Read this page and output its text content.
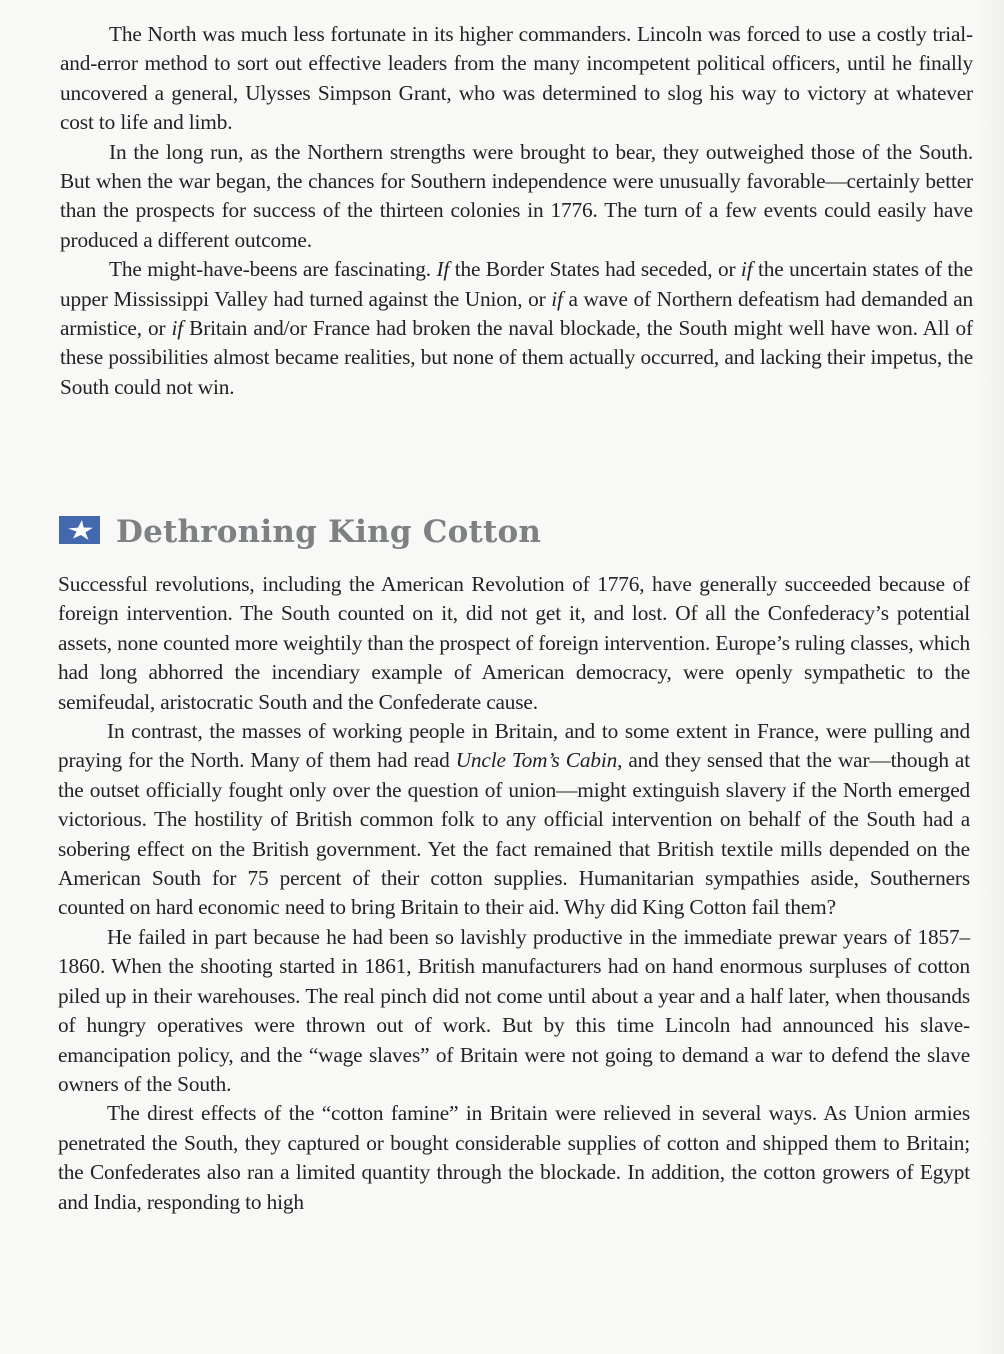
The North was much less fortunate in its higher commanders. Lincoln was forced to use a costly trial-and-error method to sort out effective leaders from the many incompetent political officers, until he finally uncovered a general, Ulysses Simpson Grant, who was determined to slog his way to victory at whatever cost to life and limb.

In the long run, as the Northern strengths were brought to bear, they outweighed those of the South. But when the war began, the chances for Southern independence were unusually favorable—certainly better than the prospects for success of the thirteen colonies in 1776. The turn of a few events could easily have produced a different outcome.

The might-have-beens are fascinating. If the Border States had seceded, or if the uncertain states of the upper Mississippi Valley had turned against the Union, or if a wave of Northern defeatism had demanded an armistice, or if Britain and/or France had broken the naval blockade, the South might well have won. All of these possibilities almost became realities, but none of them actually occurred, and lacking their impetus, the South could not win.

Dethroning King Cotton

Successful revolutions, including the American Revolution of 1776, have generally succeeded because of foreign intervention. The South counted on it, did not get it, and lost. Of all the Confederacy’s potential assets, none counted more weightily than the prospect of foreign intervention. Europe’s ruling classes, which had long abhorred the incendiary example of American democracy, were openly sympathetic to the semifeudal, aristocratic South and the Confederate cause.

In contrast, the masses of working people in Britain, and to some extent in France, were pulling and praying for the North. Many of them had read Uncle Tom’s Cabin, and they sensed that the war—though at the outset officially fought only over the question of union—might extinguish slavery if the North emerged victorious. The hostility of British common folk to any official intervention on behalf of the South had a sobering effect on the British government. Yet the fact remained that British textile mills depended on the American South for 75 percent of their cotton supplies. Humanitarian sympathies aside, Southerners counted on hard economic need to bring Britain to their aid. Why did King Cotton fail them?

He failed in part because he had been so lavishly productive in the immediate prewar years of 1857–1860. When the shooting started in 1861, British manufacturers had on hand enormous surpluses of cotton piled up in their warehouses. The real pinch did not come until about a year and a half later, when thousands of hungry operatives were thrown out of work. But by this time Lincoln had announced his slave-emancipation policy, and the “wage slaves” of Britain were not going to demand a war to defend the slave owners of the South.

The direst effects of the “cotton famine” in Britain were relieved in several ways. As Union armies penetrated the South, they captured or bought considerable supplies of cotton and shipped them to Britain; the Confederates also ran a limited quantity through the blockade. In addition, the cotton growers of Egypt and India, responding to high
